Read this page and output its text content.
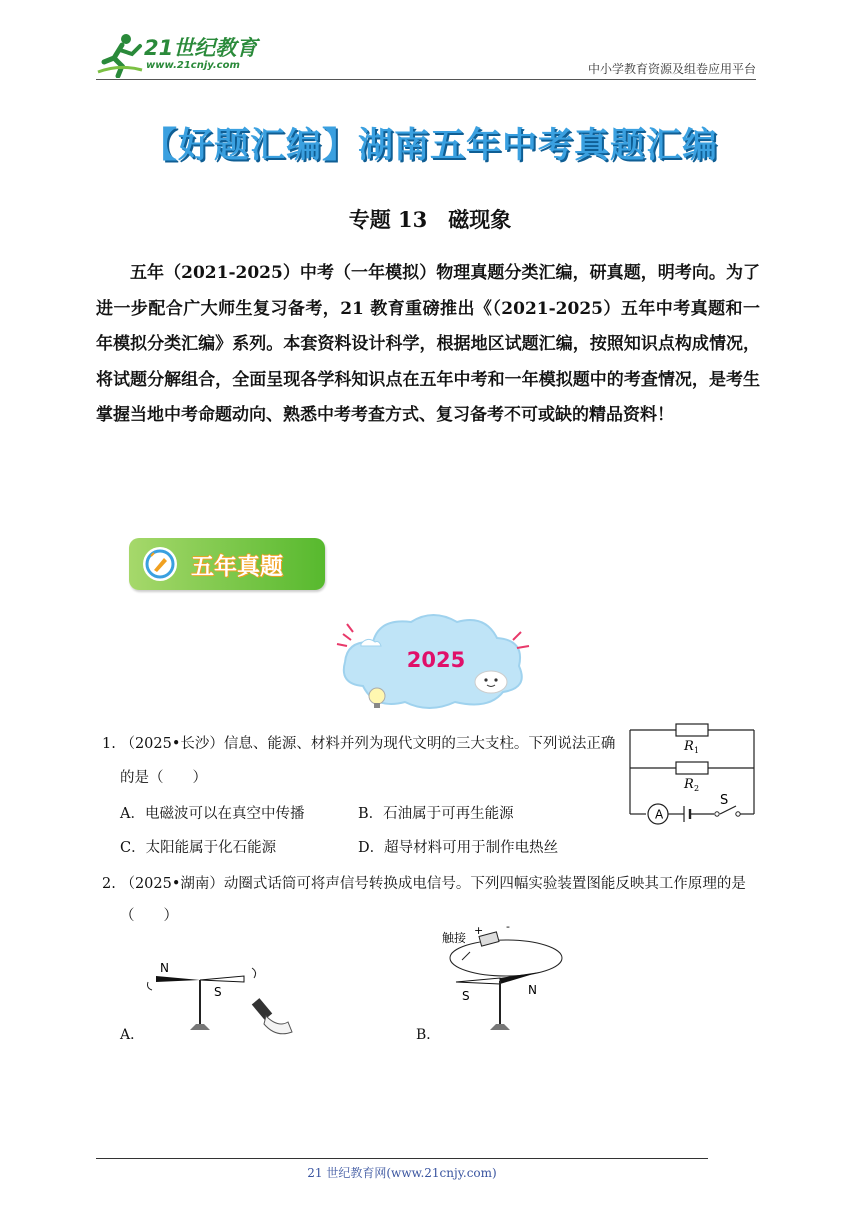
21世纪教育
www.21cnjy.com	中小学教育资源及组卷应用平台
【好题汇编】湖南五年中考真题汇编
专题 13　磁现象
五年（2021-2025）中考（一年模拟）物理真题分类汇编，研真题，明考向。为了进一步配合广大师生复习备考，21 教育重磅推出《（2021-2025）五年中考真题和一年模拟分类汇编》系列。本套资料设计科学，根据地区试题汇编，按照知识点构成情况，将试题分解组合，全面呈现各学科知识点在五年中考和一年模拟题中的考查情况，是考生掌握当地中考命题动向、熟悉中考考查方式、复习备考不可或缺的精品资料！
五年真题
2025
1. （2025•长沙）信息、能源、材料并列为现代文明的三大支柱。下列说法正确
的是（　　）
A．电磁波可以在真空中传播	B．石油属于可再生能源
C．太阳能属于化石能源	D．超导材料可用于制作电热丝
A
S
R 1
R 2
2. （2025•湖南）动圈式话筒可将声信号转换成电信号。下列四幅实验装置图能反映其工作原理的是
（　　）
N
S
A．
触接
+ -
S	N
B．
21 世纪教育网(www.21cnjy.com)
